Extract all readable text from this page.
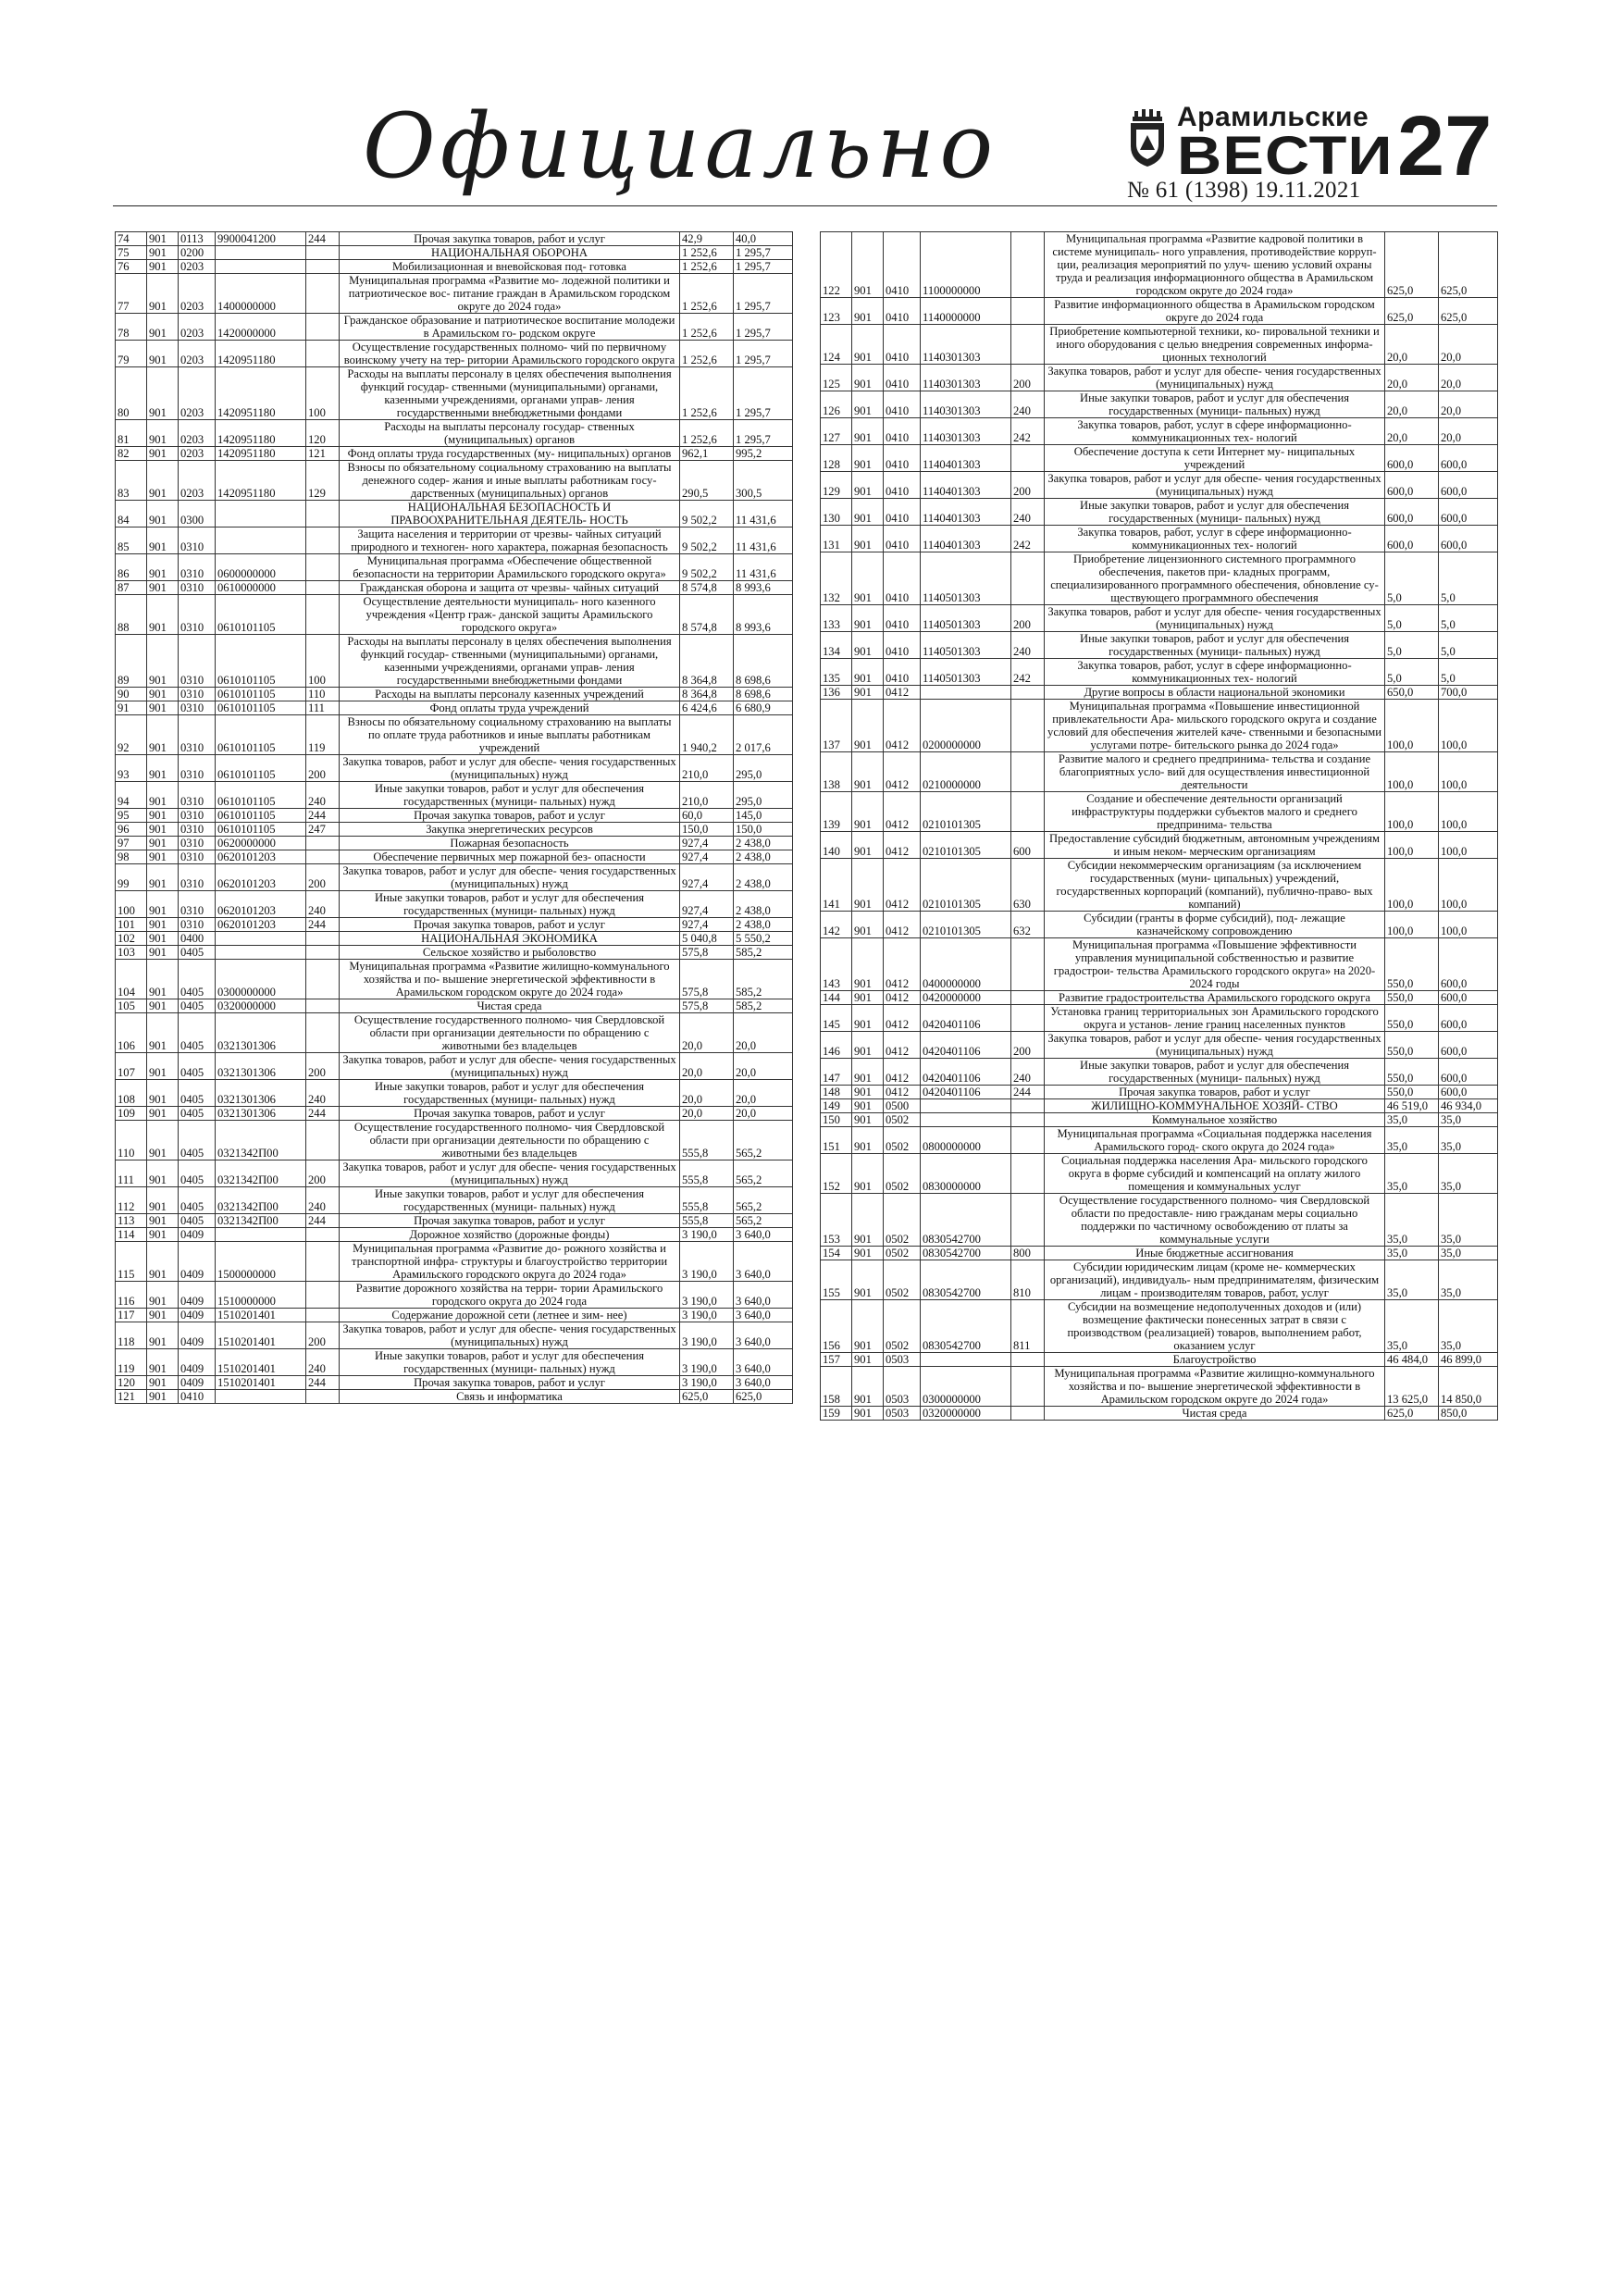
Официально	Арамильские
ВЕСТИ 27
№ 61 (1398) 19.11.2021
74	901	0113	9900041200	244	Прочая закупка товаров, работ и услуг	42,9	40,0
75	901	0200			НАЦИОНАЛЬНАЯ ОБОРОНА	1 252,6	1 295,7
76	901	0203			Мобилизационная и вневойсковая под- готовка	1 252,6	1 295,7
77	901	0203	1400000000		Муниципальная программа «Развитие мо- лодежной политики и патриотическое вос- питание граждан в Арамильском городском округе до 2024 года»	1 252,6	1 295,7
78	901	0203	1420000000		Гражданское образование и патриотическое воспитание молодежи в Арамильском го- родском округе	1 252,6	1 295,7
79	901	0203	1420951180		Осуществление государственных полномо- чий по первичному воинскому учету на тер- ритории Арамильского городского округа	1 252,6	1 295,7
80	901	0203	1420951180	100	Расходы на выплаты персоналу в целях обеспечения выполнения функций государ- ственными (муниципальными) органами, казенными учреждениями, органами управ- ления государственными внебюджетными фондами	1 252,6	1 295,7
81	901	0203	1420951180	120	Расходы на выплаты персоналу государ- ственных (муниципальных) органов	1 252,6	1 295,7
82	901	0203	1420951180	121	Фонд оплаты труда государственных (му- ниципальных) органов	962,1	995,2
83	901	0203	1420951180	129	Взносы по обязательному социальному страхованию на выплаты денежного содер- жания и иные выплаты работникам госу- дарственных (муниципальных) органов	290,5	300,5
84	901	0300			НАЦИОНАЛЬНАЯ БЕЗОПАСНОСТЬ И ПРАВООХРАНИТЕЛЬНАЯ ДЕЯТЕЛЬ- НОСТЬ	9 502,2	11 431,6
85	901	0310			Защита населения и территории от чрезвы- чайных ситуаций природного и техноген- ного характера, пожарная безопасность	9 502,2	11 431,6
86	901	0310	0600000000		Муниципальная программа «Обеспечение общественной безопасности на территории Арамильского городского округа»	9 502,2	11 431,6
87	901	0310	0610000000		Гражданская оборона и защита от чрезвы- чайных ситуаций	8 574,8	8 993,6
88	901	0310	0610101105		Осуществление деятельности муниципаль- ного казенного учреждения «Центр граж- данской защиты Арамильского городского округа»	8 574,8	8 993,6
89	901	0310	0610101105	100	Расходы на выплаты персоналу в целях обеспечения выполнения функций государ- ственными (муниципальными) органами, казенными учреждениями, органами управ- ления государственными внебюджетными фондами	8 364,8	8 698,6
90	901	0310	0610101105	110	Расходы на выплаты персоналу казенных учреждений	8 364,8	8 698,6
91	901	0310	0610101105	111	Фонд оплаты труда учреждений	6 424,6	6 680,9
92	901	0310	0610101105	119	Взносы по обязательному социальному страхованию на выплаты по оплате труда работников и иные выплаты работникам учреждений	1 940,2	2 017,6
93	901	0310	0610101105	200	Закупка товаров, работ и услуг для обеспе- чения государственных (муниципальных) нужд	210,0	295,0
94	901	0310	0610101105	240	Иные закупки товаров, работ и услуг для обеспечения государственных (муници- пальных) нужд	210,0	295,0
95	901	0310	0610101105	244	Прочая закупка товаров, работ и услуг	60,0	145,0
96	901	0310	0610101105	247	Закупка энергетических ресурсов	150,0	150,0
97	901	0310	0620000000		Пожарная безопасность	927,4	2 438,0
98	901	0310	0620101203		Обеспечение первичных мер пожарной без- опасности	927,4	2 438,0
99	901	0310	0620101203	200	Закупка товаров, работ и услуг для обеспе- чения государственных (муниципальных) нужд	927,4	2 438,0
100	901	0310	0620101203	240	Иные закупки товаров, работ и услуг для обеспечения государственных (муници- пальных) нужд	927,4	2 438,0
101	901	0310	0620101203	244	Прочая закупка товаров, работ и услуг	927,4	2 438,0
102	901	0400			НАЦИОНАЛЬНАЯ ЭКОНОМИКА	5 040,8	5 550,2
103	901	0405			Сельское хозяйство и рыболовство	575,8	585,2
104	901	0405	0300000000		Муниципальная программа «Развитие жилищно-коммунального хозяйства и по- вышение энергетической эффективности в Арамильском городском округе до 2024 года»	575,8	585,2
105	901	0405	0320000000		Чистая среда	575,8	585,2
106	901	0405	0321301306		Осуществление государственного полномо- чия Свердловской области при организации деятельности по обращению с животными без владельцев	20,0	20,0
107	901	0405	0321301306	200	Закупка товаров, работ и услуг для обеспе- чения государственных (муниципальных) нужд	20,0	20,0
108	901	0405	0321301306	240	Иные закупки товаров, работ и услуг для обеспечения государственных (муници- пальных) нужд	20,0	20,0
109	901	0405	0321301306	244	Прочая закупка товаров, работ и услуг	20,0	20,0
110	901	0405	0321342П00		Осуществление государственного полномо- чия Свердловской области при организации деятельности по обращению с животными без владельцев	555,8	565,2
111	901	0405	0321342П00	200	Закупка товаров, работ и услуг для обеспе- чения государственных (муниципальных) нужд	555,8	565,2
112	901	0405	0321342П00	240	Иные закупки товаров, работ и услуг для обеспечения государственных (муници- пальных) нужд	555,8	565,2
113	901	0405	0321342П00	244	Прочая закупка товаров, работ и услуг	555,8	565,2
114	901	0409			Дорожное хозяйство (дорожные фонды)	3 190,0	3 640,0
115	901	0409	1500000000		Муниципальная программа «Развитие до- рожного хозяйства и транспортной инфра- структуры и благоустройство территории Арамильского городского округа до 2024 года»	3 190,0	3 640,0
116	901	0409	1510000000		Развитие дорожного хозяйства на терри- тории Арамильского городского округа до 2024 года	3 190,0	3 640,0
117	901	0409	1510201401		Содержание дорожной сети (летнее и зим- нее)	3 190,0	3 640,0
118	901	0409	1510201401	200	Закупка товаров, работ и услуг для обеспе- чения государственных (муниципальных) нужд	3 190,0	3 640,0
119	901	0409	1510201401	240	Иные закупки товаров, работ и услуг для обеспечения государственных (муници- пальных) нужд	3 190,0	3 640,0
120	901	0409	1510201401	244	Прочая закупка товаров, работ и услуг	3 190,0	3 640,0
121	901	0410			Связь и информатика	625,0	625,0
122	901	0410	1100000000		Муниципальная программа «Развитие кадровой политики в системе муниципаль- ного управления, противодействие корруп- ции, реализация мероприятий по улуч- шению условий охраны труда и реализация информационного общества в Арамильском городском округе до 2024 года»	625,0	625,0
123	901	0410	1140000000		Развитие информационного общества в Арамильском городском округе до 2024 года	625,0	625,0
124	901	0410	1140301303		Приобретение компьютерной техники, ко- пировальной техники и иного оборудования с целью внедрения современных информа- ционных технологий	20,0	20,0
125	901	0410	1140301303	200	Закупка товаров, работ и услуг для обеспе- чения государственных (муниципальных) нужд	20,0	20,0
126	901	0410	1140301303	240	Иные закупки товаров, работ и услуг для обеспечения государственных (муници- пальных) нужд	20,0	20,0
127	901	0410	1140301303	242	Закупка товаров, работ, услуг в сфере информационно-коммуникационных тех- нологий	20,0	20,0
128	901	0410	1140401303		Обеспечение доступа к сети Интернет му- ниципальных учреждений	600,0	600,0
129	901	0410	1140401303	200	Закупка товаров, работ и услуг для обеспе- чения государственных (муниципальных) нужд	600,0	600,0
130	901	0410	1140401303	240	Иные закупки товаров, работ и услуг для обеспечения государственных (муници- пальных) нужд	600,0	600,0
131	901	0410	1140401303	242	Закупка товаров, работ, услуг в сфере информационно-коммуникационных тех- нологий	600,0	600,0
132	901	0410	1140501303		Приобретение лицензионного системного программного обеспечения, пакетов при- кладных программ, специализированного программного обеспечения, обновление су- ществующего программного обеспечения	5,0	5,0
133	901	0410	1140501303	200	Закупка товаров, работ и услуг для обеспе- чения государственных (муниципальных) нужд	5,0	5,0
134	901	0410	1140501303	240	Иные закупки товаров, работ и услуг для обеспечения государственных (муници- пальных) нужд	5,0	5,0
135	901	0410	1140501303	242	Закупка товаров, работ, услуг в сфере информационно-коммуникационных тех- нологий	5,0	5,0
136	901	0412			Другие вопросы в области национальной экономики	650,0	700,0
137	901	0412	0200000000		Муниципальная программа «Повышение инвестиционной привлекательности Ара- мильского городского округа и создание условий для обеспечения жителей каче- ственными и безопасными услугами потре- бительского рынка до 2024 года»	100,0	100,0
138	901	0412	0210000000		Развитие малого и среднего предпринима- тельства и создание благоприятных усло- вий для осуществления инвестиционной деятельности	100,0	100,0
139	901	0412	0210101305		Создание и обеспечение деятельности организаций инфраструктуры поддержки субъектов малого и среднего предпринима- тельства	100,0	100,0
140	901	0412	0210101305	600	Предоставление субсидий бюджетным, автономным учреждениям и иным неком- мерческим организациям	100,0	100,0
141	901	0412	0210101305	630	Субсидии некоммерческим организациям (за исключением государственных (муни- ципальных) учреждений, государственных корпораций (компаний), публично-право- вых компаний)	100,0	100,0
142	901	0412	0210101305	632	Субсидии (гранты в форме субсидий), под- лежащие казначейскому сопровождению	100,0	100,0
143	901	0412	0400000000		Муниципальная программа «Повышение эффективности управления муниципальной собственностью и развитие градострои- тельства Арамильского городского округа» на 2020-2024 годы	550,0	600,0
144	901	0412	0420000000		Развитие градостроительства Арамильского городского округа	550,0	600,0
145	901	0412	0420401106		Установка границ территориальных зон Арамильского городского округа и установ- ление границ населенных пунктов	550,0	600,0
146	901	0412	0420401106	200	Закупка товаров, работ и услуг для обеспе- чения государственных (муниципальных) нужд	550,0	600,0
147	901	0412	0420401106	240	Иные закупки товаров, работ и услуг для обеспечения государственных (муници- пальных) нужд	550,0	600,0
148	901	0412	0420401106	244	Прочая закупка товаров, работ и услуг	550,0	600,0
149	901	0500			ЖИЛИЩНО-КОММУНАЛЬНОЕ ХОЗЯЙ- СТВО	46 519,0	46 934,0
150	901	0502			Коммунальное хозяйство	35,0	35,0
151	901	0502	0800000000		Муниципальная программа «Социальная поддержка населения Арамильского город- ского округа до 2024 года»	35,0	35,0
152	901	0502	0830000000		Социальная поддержка населения Ара- мильского городского округа в форме субсидий и компенсаций на оплату жилого помещения и коммунальных услуг	35,0	35,0
153	901	0502	0830542700		Осуществление государственного полномо- чия Свердловской области по предоставле- нию гражданам меры социально поддержки по частичному освобождению от платы за коммунальные услуги	35,0	35,0
154	901	0502	0830542700	800	Иные бюджетные ассигнования	35,0	35,0
155	901	0502	0830542700	810	Субсидии юридическим лицам (кроме не- коммерческих организаций), индивидуаль- ным предпринимателям, физическим лицам - производителям товаров, работ, услуг	35,0	35,0
156	901	0502	0830542700	811	Субсидии на возмещение недополученных доходов и (или) возмещение фактически понесенных затрат в связи с производством (реализацией) товаров, выполнением работ, оказанием услуг	35,0	35,0
157	901	0503			Благоустройство	46 484,0	46 899,0
158	901	0503	0300000000		Муниципальная программа «Развитие жилищно-коммунального хозяйства и по- вышение энергетической эффективности в Арамильском городском округе до 2024 года»	13 625,0	14 850,0
159	901	0503	0320000000		Чистая среда	625,0	850,0
